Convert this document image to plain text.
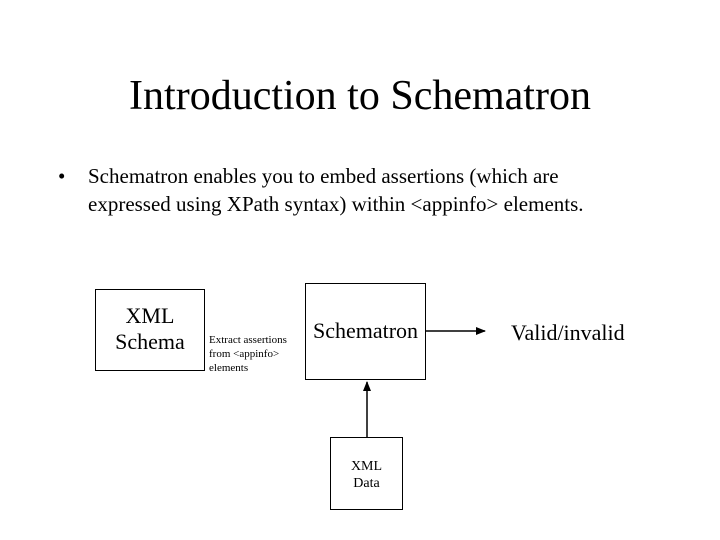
Introduction to Schematron
•	Schematron enables you to embed assertions (which are
expressed using XPath syntax) within <appinfo> elements.
XML
Schema	Extract assertions
from <appinfo>
elements
Schematron	Valid/invalid
XML
Data
